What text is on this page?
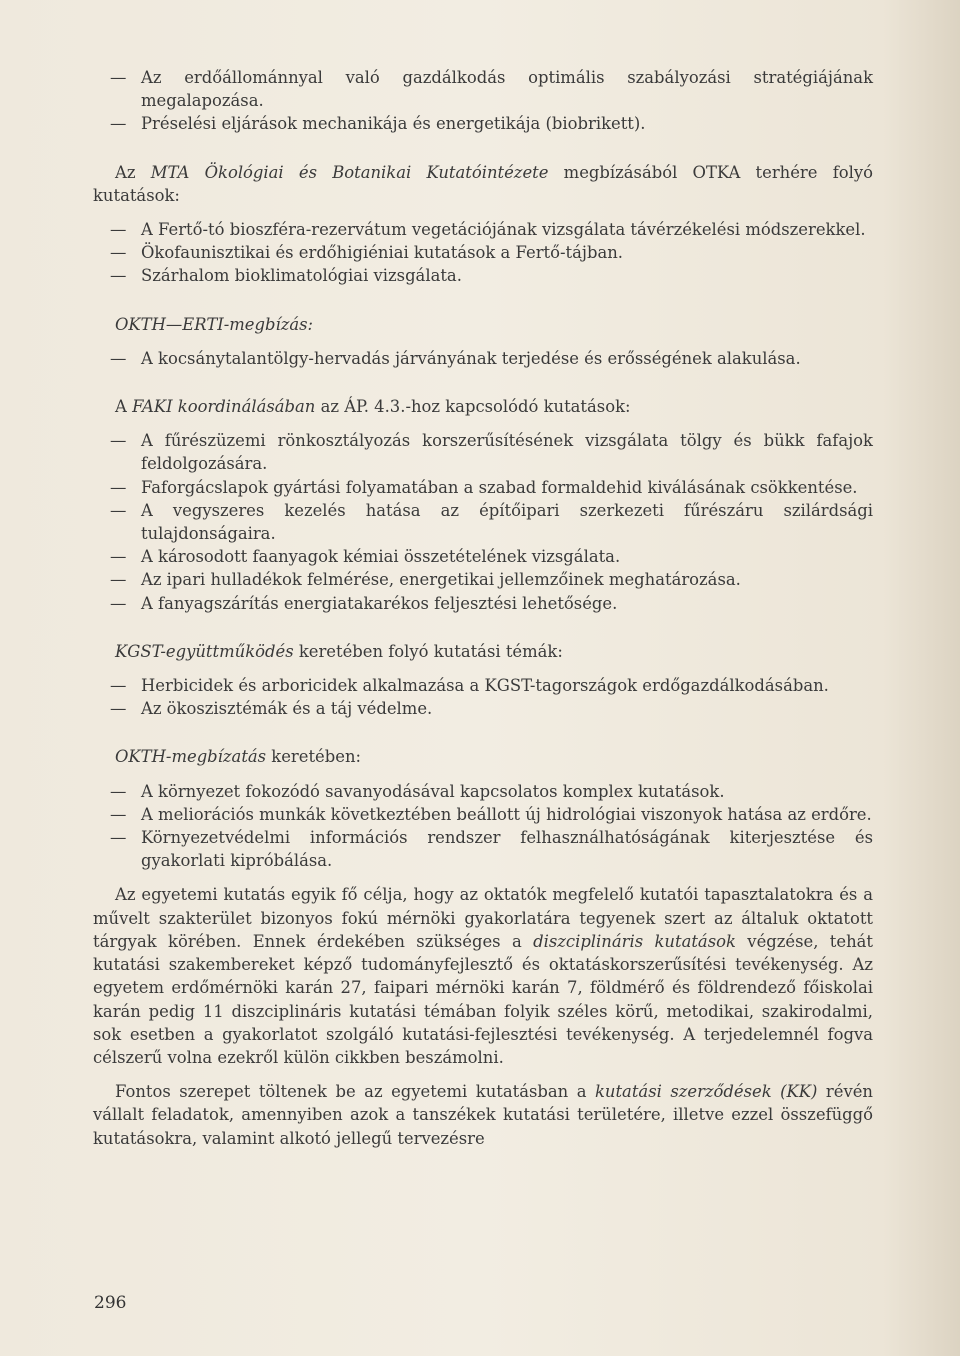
— Az erdőállománnyal való gazdálkodás optimális szabályozási stratégiájának megalapozása.
— Préselési eljárások mechanikája és energetikája (biobrikett).

Az MTA Ökológiai és Botanikai Kutatóintézete megbízásából OTKA terhére folyó kutatások:

— A Fertő-tó bioszféra-rezervátum vegetációjának vizsgálata távérzékelési módszerekkel.
— Ökofaunisztikai és erdőhigiéniai kutatások a Fertő-tájban.
— Szárhalom bioklimatológiai vizsgálata.

OKTH—ERTI-megbízás:

— A kocsánytalantölgy-hervadás járványának terjedése és erősségének alakulása.

A FAKI koordinálásában az ÁP. 4.3.-hoz kapcsolódó kutatások:

— A fűrészüzemi rönkosztályozás korszerűsítésének vizsgálata tölgy és bükk fafajok feldolgozására.
— Faforgácslapok gyártási folyamatában a szabad formaldehid kiválásának csökkentése.
— A vegyszeres kezelés hatása az építőipari szerkezeti fűrészáru szilárdsági tulajdonságaira.
— A károsodott faanyagok kémiai összetételének vizsgálata.
— Az ipari hulladékok felmérése, energetikai jellemzőinek meghatározása.
— A fanyagszárítás energiatakarékos feljesztési lehetősége.

KGST-együttműködés keretében folyó kutatási témák:

— Herbicidek és arboricidek alkalmazása a KGST-tagországok erdőgazdálkodásában.
— Az ökoszisztémák és a táj védelme.

OKTH-megbízatás keretében:

— A környezet fokozódó savanyodásával kapcsolatos komplex kutatások.
— A meliorációs munkák következtében beállott új hidrológiai viszonyok hatása az erdőre.
— Környezetvédelmi információs rendszer felhasználhatóságának kiterjesztése és gyakorlati kipróbálása.

Az egyetemi kutatás egyik fő célja, hogy az oktatók megfelelő kutatói tapasztalatokra és a művelt szakterület bizonyos fokú mérnöki gyakorlatára tegyenek szert az általuk oktatott tárgyak körében. Ennek érdekében szükséges a diszciplináris kutatások végzése, tehát kutatási szakembereket képző tudományfejlesztő és oktatáskorszerűsítési tevékenység. Az egyetem erdőmérnöki karán 27, faipari mérnöki karán 7, földmérő és földrendező főiskolai karán pedig 11 diszciplináris kutatási témában folyik széles körű, metodikai, szakirodalmi, sok esetben a gyakorlatot szolgáló kutatási-fejlesztési tevékenység. A terjedelemnél fogva célszerű volna ezekről külön cikkben beszámolni.

Fontos szerepet töltenek be az egyetemi kutatásban a kutatási szerződések (KK) révén vállalt feladatok, amennyiben azok a tanszékek kutatási területére, illetve ezzel összefüggő kutatásokra, valamint alkotó jellegű tervezésre

296
